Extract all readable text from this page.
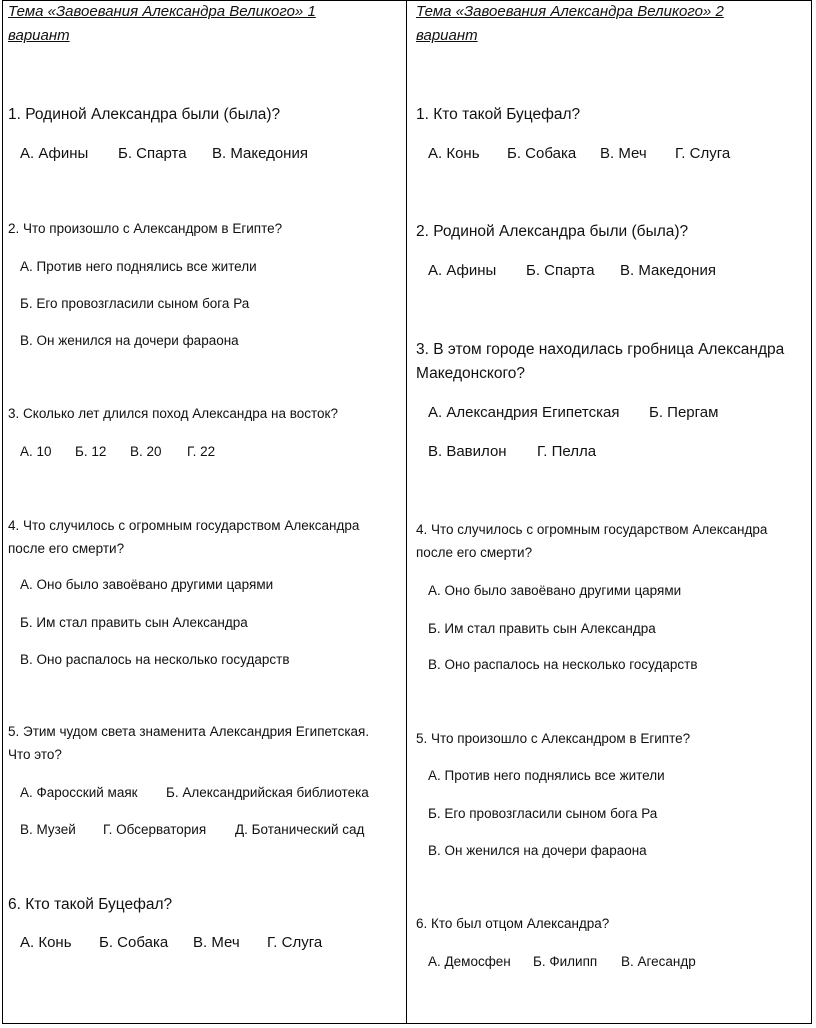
Тема «Завоевания Александра Великого» 1
вариант
1. Родиной Александра были (была)?
А. Афины Б. Спарта В. Македония
2. Что произошло с Александром в Египте?
А. Против него поднялись все жители
Б. Его провозгласили сыном бога Ра
В. Он женился на дочери фараона
3. Сколько лет длился поход Александра на восток?
А. 10 Б. 12 В. 20 Г. 22
4. Что случилось с огромным государством Александра
после его смерти?
А. Оно было завоёвано другими царями
Б. Им стал править сын Александра
В. Оно распалось на несколько государств
5. Этим чудом света знаменита Александрия Египетская.
Что это?
А. Фаросский маяк Б. Александрийская библиотека
В. Музей Г. Обсерватория Д. Ботанический сад
6. Кто такой Буцефал?
А. Конь Б. Собака В. Меч Г. Слуга
Тема «Завоевания Александра Великого» 2
вариант
1. Кто такой Буцефал?
А. Конь Б. Собака В. Меч Г. Слуга
2. Родиной Александра были (была)?
А. Афины Б. Спарта В. Македония
3. В этом городе находилась гробница Александра
Македонского?
А. Александрия Египетская Б. Пергам
В. Вавилон Г. Пелла
4. Что случилось с огромным государством Александра
после его смерти?
А. Оно было завоёвано другими царями
Б. Им стал править сын Александра
В. Оно распалось на несколько государств
5. Что произошло с Александром в Египте?
А. Против него поднялись все жители
Б. Его провозгласили сыном бога Ра
В. Он женился на дочери фараона
6. Кто был отцом Александра?
А. Демосфен Б. Филипп В. Агесандр
